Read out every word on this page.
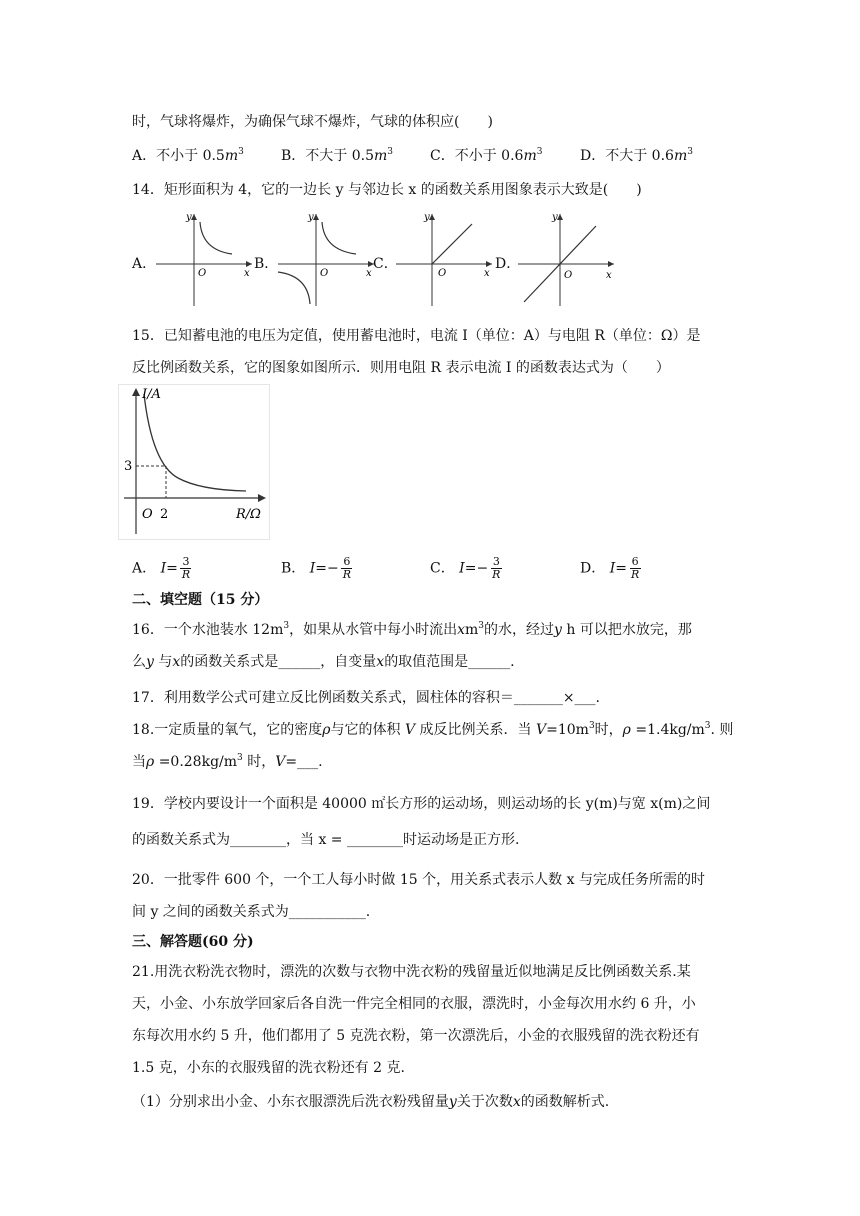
时，气球将爆炸，为确保气球不爆炸，气球的体积应(　　)
A．不小于 $0.5m^3$	B．不大于 $0.5m^3$	C．不小于 $0.6m^3$	D．不大于 $0.6m^3$
14．矩形面积为 4，它的一边长 y 与邻边长 x 的函数关系用图象表示大致是(　　)
A．
y
O	x
B．
y
O	x
C．
y
O	x
D．
y
O	x
15．已知蓄电池的电压为定值，使用蓄电池时，电流 I（单位：A）与电阻 R（单位：Ω）是
反比例函数关系，它的图象如图所示．则用电阻 R 表示电流 I 的函数表达式为（　　）
I/A
3
O 2	R/Ω
A． $I= \frac{3}{R}$	B． $I=- \frac{6}{R}$	C． $I=- \frac{3}{R}$	D． $I= \frac{6}{R}$
二、填空题（15 分）
16．一个水池装水 $12m^3$，如果从水管中每小时流出$xm^3$的水，经过y h 可以把水放完，那
么y 与x的函数关系式是______，自变量x的取值范围是______.
17．利用数学公式可建立反比例函数关系式，圆柱体的容积＝_______×___.
18.一定质量的氧气，它的密度ρ与它的体积 V 成反比例关系．当 $V=10m^3$时，$\rho =1.4kg/m^3$. 则
当$\rho =0.28kg/m^3$ 时，V=___.
19．学校内要设计一个面积是 40000 ㎡长方形的运动场，则运动场的长 y(m)与宽 x(m)之间
的函数关系式为________，当 x = ________时运动场是正方形.
20．一批零件 600 个，一个工人每小时做 15 个，用关系式表示人数 x 与完成任务所需的时
间 y 之间的函数关系式为___________.
三、解答题(60 分)
21.用洗衣粉洗衣物时，漂洗的次数与衣物中洗衣粉的残留量近似地满足反比例函数关系.某
天，小金、小东放学回家后各自洗一件完全相同的衣服，漂洗时，小金每次用水约 6 升，小
东每次用水约 5 升，他们都用了 5 克洗衣粉，第一次漂洗后，小金的衣服残留的洗衣粉还有
1.5 克，小东的衣服残留的洗衣粉还有 2 克.
（1）分别求出小金、小东衣服漂洗后洗衣粉残留量y关于次数x的函数解析式.
